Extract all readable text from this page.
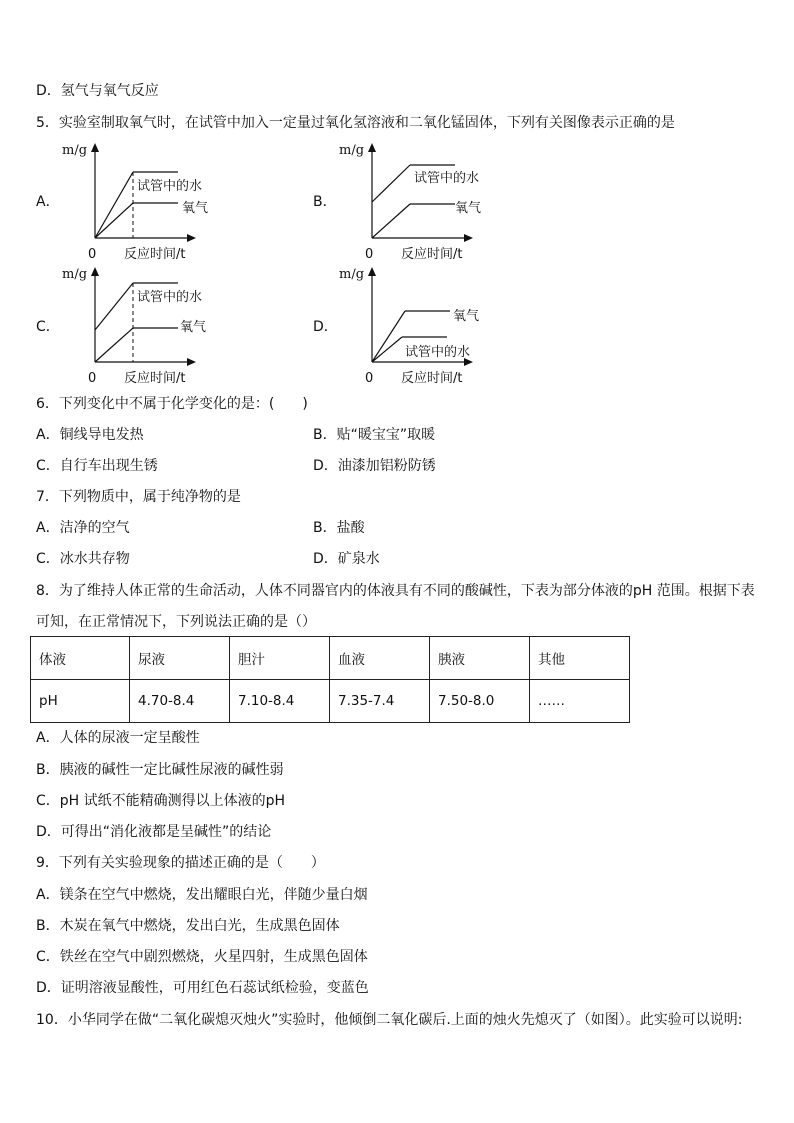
D．氢气与氧气反应
5．实验室制取氧气时，在试管中加入一定量过氧化氢溶液和二氧化锰固体，下列有关图像表示正确的是
A．
m/g
试管中的水
氧气
0 反应时间/t
B．
m/g
试管中的水
氧气
0 反应时间/t
C．
m/g
试管中的水
氧气
0 反应时间/t
D．
m/g
氧气
试管中的水
0 反应时间/t
6．下列变化中不属于化学变化的是：(　　)
A．铜线导电发热	B．贴“暖宝宝”取暖
C．自行车出现生锈	D．油漆加铝粉防锈
7．下列物质中，属于纯净物的是
A．洁净的空气	B．盐酸
C．冰水共存物	D．矿泉水
8．为了维持人体正常的生命活动，人体不同器官内的体液具有不同的酸碱性，下表为部分体液的pH 范围。根据下表
可知，在正常情况下，下列说法正确的是（）
体液	尿液	胆汁	血液	胰液	其他
pH	4.70-8.4	7.10-8.4	7.35-7.4	7.50-8.0	……
A．人体的尿液一定呈酸性
B．胰液的碱性一定比碱性尿液的碱性弱
C．pH 试纸不能精确测得以上体液的pH
D．可得出“消化液都是呈碱性”的结论
9．下列有关实验现象的描述正确的是（　　）
A．镁条在空气中燃烧，发出耀眼白光，伴随少量白烟
B．木炭在氧气中燃烧，发出白光，生成黑色固体
C．铁丝在空气中剧烈燃烧，火星四射，生成黑色固体
D．证明溶液显酸性，可用红色石蕊试纸检验，变蓝色
10．小华同学在做“二氧化碳熄灭烛火”实验时，他倾倒二氧化碳后.上面的烛火先熄灭了（如图）。此实验可以说明:
